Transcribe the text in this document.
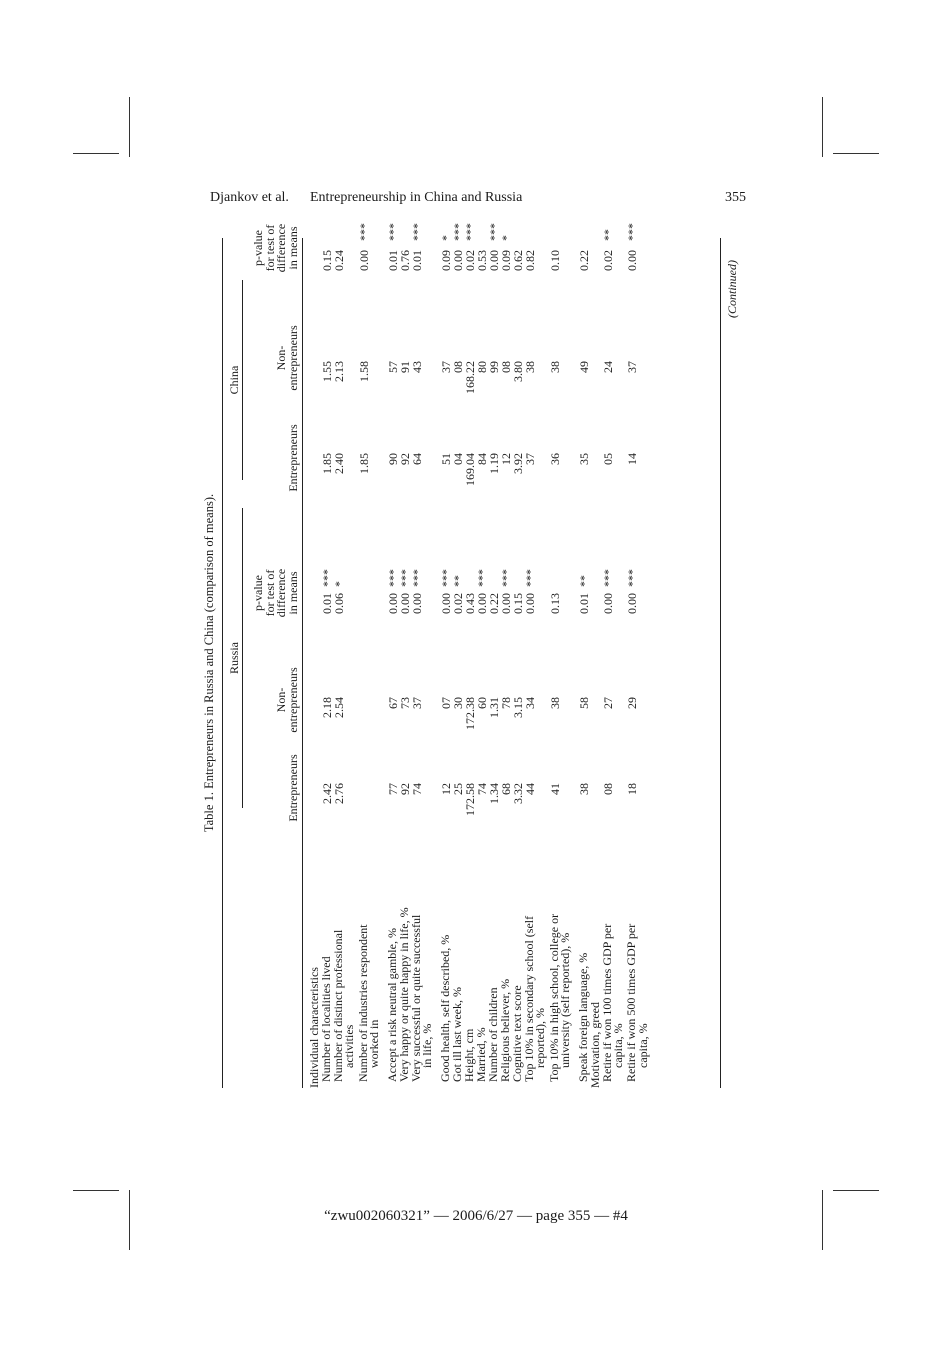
Djankov et al. Entrepreneurship in China and Russia	355
Table 1. Entrepreneurs in Russia and China (comparison of means). Russia
China
Entrepreneurs
Non-
entrepreneurs
p-value
for test of
difference
in means
Entrepreneurs
Non-
entrepreneurs
p-value
for test of
difference
in means
Individual characteristics
Number of localities lived
2.42
2.18
0.01
***
1.85
1.55
0.15
Number of distinct professional
activities
2.76
2.54
0.06
*
2.40
2.13
0.24
Number of industries respondent
worked in
1.85
1.58
0.00
***
Accept a risk neutral gamble, %
77
67
0.00
***
90
57
0.01
***
Very happy or quite happy in life, %
92
73
0.00
***
92
91
0.76
Very successful or quite successful
in life, %
74
37
0.00
***
64
43
0.01
***
Good health, self described, %
12
07
0.00
***
51
37
0.09
*
Got ill last week, %
25
30
0.02
**
04
08
0.00
***
Height, cm
172.58
172.38
0.43
169.04
168.22
0.02
***
Married, %
74
60
0.00
***
84
80
0.53
Number of children
1.34
1.31
0.22
1.19
99
0.00
***
Religious believer, %
68
78
0.00
***
12
08
0.09
*
Cognitive text score
3.32
3.15
0.15
3.92
3.80
0.62
Top 10% in secondary school (self
reported), %
44
34
0.00
***
37
38
0.82
Top 10% in high school, college or
university (self reported), %
41
38
0.13
36
38
0.10
Speak foreign language, %
38
58
0.01
**
35
49
0.22
Motivation, greed
Retire if won 100 times GDP per
capita, %
08
27
0.00
***
05
24
0.02
**
Retire if won 500 times GDP per
capita, %
18
29
0.00
***
14
37
0.00
***
(Continued)
“zwu002060321” — 2006/6/27 — page 355 — #4
